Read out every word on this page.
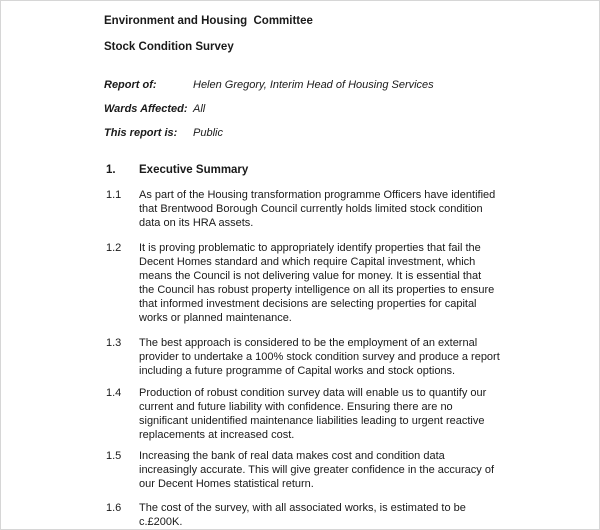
Environment and Housing  Committee
Stock Condition Survey
Report of:	Helen Gregory, Interim Head of Housing Services
Wards Affected: All
This report is: Public
1. Executive Summary
1.1 As part of the Housing transformation programme Officers have identified
that Brentwood Borough Council currently holds limited stock condition
data on its HRA assets.
1.2 It is proving problematic to appropriately identify properties that fail the
Decent Homes standard and which require Capital investment, which
means the Council is not delivering value for money. It is essential that
the Council has robust property intelligence on all its properties to ensure
that informed investment decisions are selecting properties for capital
works or planned maintenance.
1.3 The best approach is considered to be the employment of an external
provider to undertake a 100% stock condition survey and produce a report
including a future programme of Capital works and stock options.
1.4 Production of robust condition survey data will enable us to quantify our
current and future liability with confidence. Ensuring there are no
significant unidentified maintenance liabilities leading to urgent reactive
replacements at increased cost.
1.5 Increasing the bank of real data makes cost and condition data
increasingly accurate. This will give greater confidence in the accuracy of
our Decent Homes statistical return.
1.6 The cost of the survey, with all associated works, is estimated to be
c.£200K.
